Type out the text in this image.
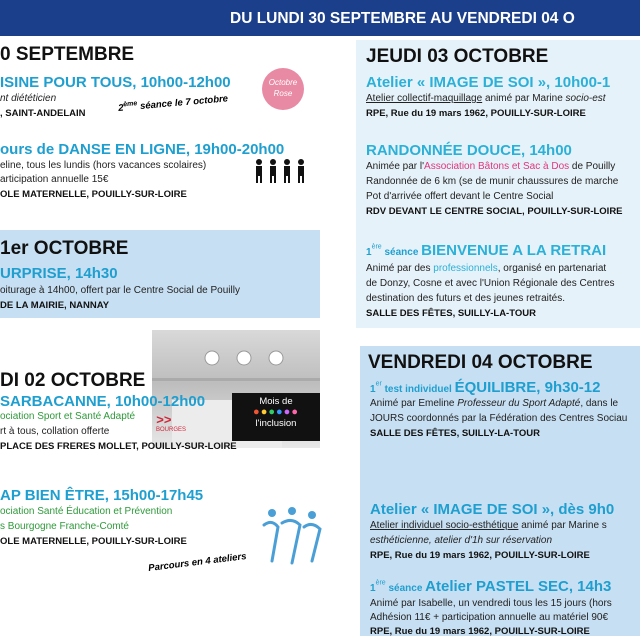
DU LUNDI 30 SEPTEMBRE AU VENDREDI 04 O
0 SEPTEMBRE
ISINE POUR TOUS, 10h00-12h00
nt diététicien
, SAINT-ANDELAIN	2ème séance le 7 octobre
Octobre
Rose
ours de DANSE EN LIGNE, 19h00-20h00
eline, tous les lundis (hors vacances scolaires)
articipation annuelle 15€
OLE MATERNELLE, POUILLY-SUR-LOIRE
1er OCTOBRE
URPRISE, 14h30
oiturage à 14h00, offert par le Centre Social de Pouilly
DE LA MAIRIE, NANNAY
DI 02 OCTOBRE
SARBACANNE, 10h00-12h00
ociation Sport et Santé Adapté
rt à tous, collation offerte
PLACE DES FRERES MOLLET, POUILLY-SUR-LOIRE
>>
BOURGES
Mois de
●●●●●●
l'inclusion
AP BIEN ÊTRE, 15h00-17h45
ociation Santé Éducation et Prévention
s Bourgogne Franche-Comté
OLE MATERNELLE, POUILLY-SUR-LOIRE
Parcours en 4 ateliers
JEUDI 03 OCTOBRE
Atelier « IMAGE DE SOI », 10h00-1
Atelier collectif-maquillage animé par Marine socio-est
RPE, Rue du 19 mars 1962, POUILLY-SUR-LOIRE
RANDONNÉE DOUCE, 14h00
Animée par l'Association Bâtons et Sac à Dos de Pouilly
Randonnée de 6 km (se de munir chaussures de marche
Pot d'arrivée offert devant le Centre Social
RDV DEVANT LE CENTRE SOCIAL, POUILLY-SUR-LOIRE
1ère séance BIENVENUE A LA RETRAI
Animé par des professionnels, organisé en partenariat
de Donzy, Cosne et avec l'Union Régionale des Centres
destination des futurs et des jeunes retraités.
SALLE DES FÊTES, SUILLY-LA-TOUR
VENDREDI 04 OCTOBRE
1er test individuel ÉQUILIBRE, 9h30-12
Animé par Emeline Professeur du Sport Adapté, dans le
JOURS coordonnés par la Fédération des Centres Sociau
SALLE DES FÊTES, SUILLY-LA-TOUR
Atelier « IMAGE DE SOI », dès 9h0
Atelier individuel socio-esthétique animé par Marine s
esthéticienne, atelier d'1h sur réservation
RPE, Rue du 19 mars 1962, POUILLY-SUR-LOIRE
1ère séance Atelier PASTEL SEC, 14h3
Animé par Isabelle, un vendredi tous les 15 jours (hors
Adhésion 11€ + participation annuelle au matériel 90€
RPE, Rue du 19 mars 1962, POUILLY-SUR-LOIRE
